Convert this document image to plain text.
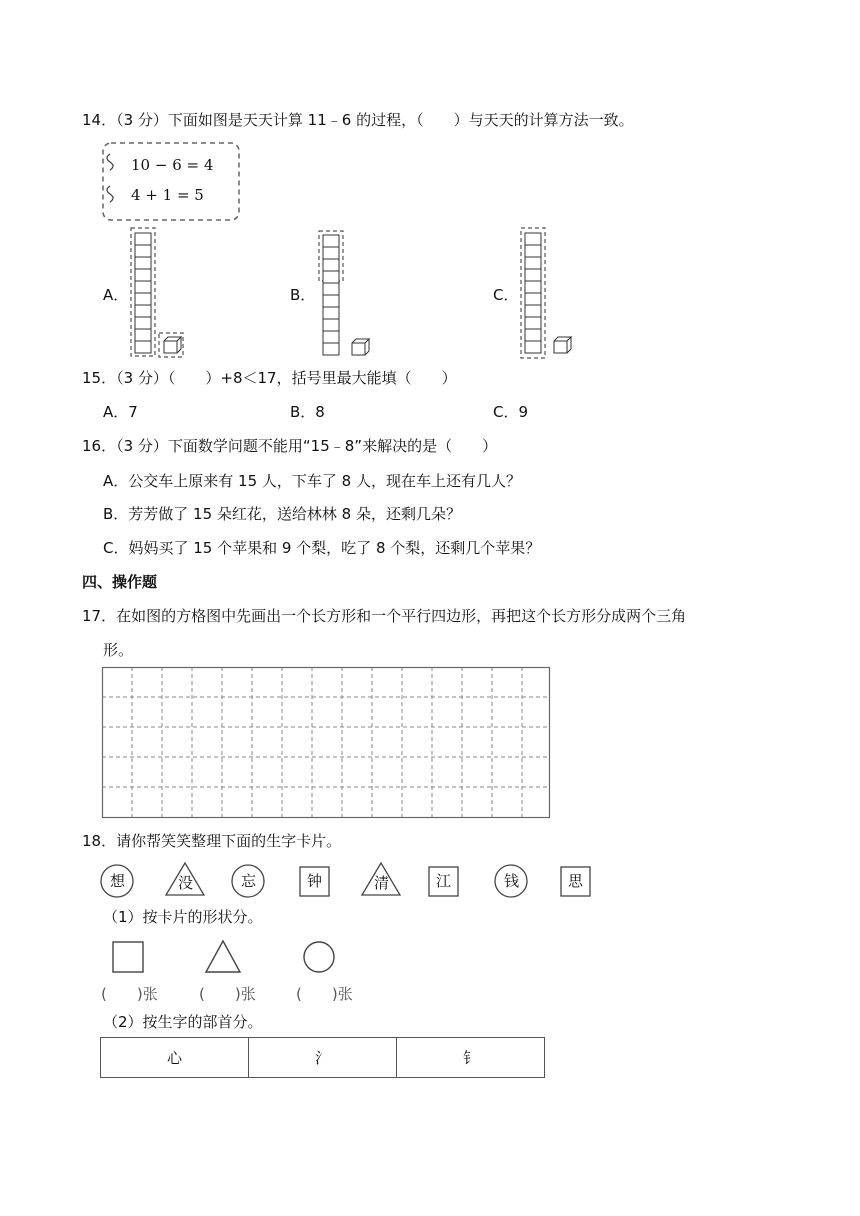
14．（3 分）下面如图是天天计算 11﹣6 的过程，（　　）与天天的计算方法一致。
10 − 6 = 4
4 + 1 = 5
A．	B．	C．
15．（3 分）（　　）+8＜17，括号里最大能填（　　）
A．7	B．8	C．9
16．（3 分）下面数学问题不能用“15﹣8”来解决的是（　　）
A．公交车上原来有 15 人，下车了 8 人，现在车上还有几人？
B．芳芳做了 15 朵红花，送给林林 8 朵，还剩几朵？
C．妈妈买了 15 个苹果和 9 个梨，吃了 8 个梨，还剩几个苹果？
四、操作题
17．在如图的方格图中先画出一个长方形和一个平行四边形，再把这个长方形分成两个三角
形。
18．请你帮笑笑整理下面的生字卡片。
想	没	忘	钟	清	江	钱	思
（1）按卡片的形状分。
(　　)张	(　　)张	(　　)张
（2）按生字的部首分。
心	氵	钅
